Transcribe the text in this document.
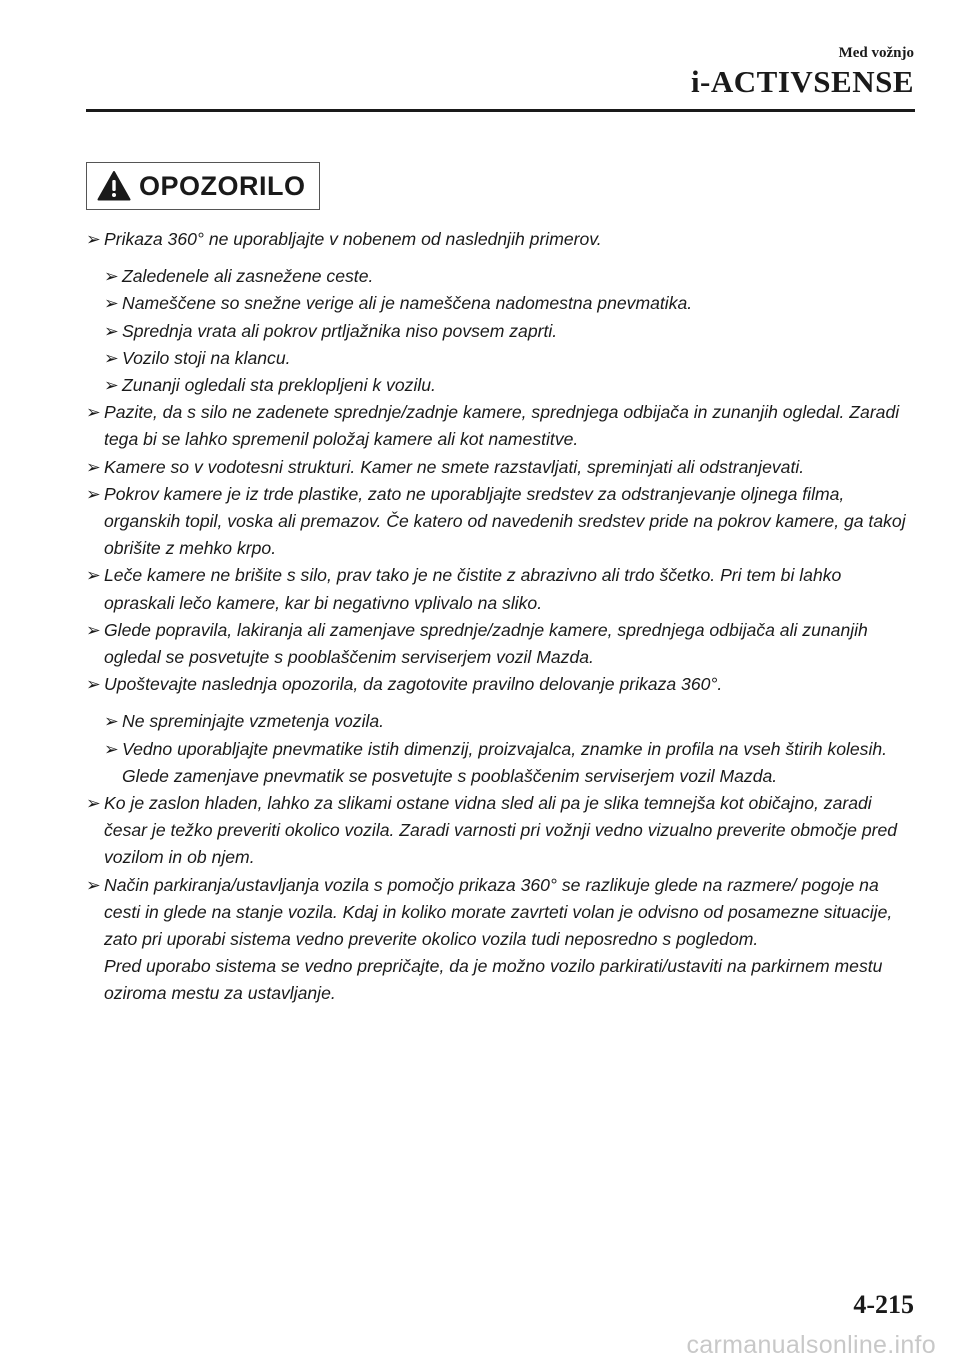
Med vožnjo
i-ACTIVSENSE
OPOZORILO
➢ Prikaza 360° ne uporabljajte v nobenem od naslednjih primerov.
➢ Zaledenele ali zasnežene ceste.
➢ Nameščene so snežne verige ali je nameščena nadomestna pnevmatika.
➢ Sprednja vrata ali pokrov prtljažnika niso povsem zaprti.
➢ Vozilo stoji na klancu.
➢ Zunanji ogledali sta preklopljeni k vozilu.
➢ Pazite, da s silo ne zadenete sprednje/zadnje kamere, sprednjega odbijača in zunanjih ogledal. Zaradi tega bi se lahko spremenil položaj kamere ali kot namestitve.
➢ Kamere so v vodotesni strukturi. Kamer ne smete razstavljati, spreminjati ali odstranjevati.
➢ Pokrov kamere je iz trde plastike, zato ne uporabljajte sredstev za odstranjevanje oljnega filma, organskih topil, voska ali premazov. Če katero od navedenih sredstev pride na pokrov kamere, ga takoj obrišite z mehko krpo.
➢ Leče kamere ne brišite s silo, prav tako je ne čistite z abrazivno ali trdo ščetko. Pri tem bi lahko opraskali lečo kamere, kar bi negativno vplivalo na sliko.
➢ Glede popravila, lakiranja ali zamenjave sprednje/zadnje kamere, sprednjega odbijača ali zunanjih ogledal se posvetujte s pooblaščenim serviserjem vozil Mazda.
➢ Upoštevajte naslednja opozorila, da zagotovite pravilno delovanje prikaza 360°.
➢ Ne spreminjajte vzmetenja vozila.
➢ Vedno uporabljajte pnevmatike istih dimenzij, proizvajalca, znamke in profila na vseh štirih kolesih. Glede zamenjave pnevmatik se posvetujte s pooblaščenim serviserjem vozil Mazda.
➢ Ko je zaslon hladen, lahko za slikami ostane vidna sled ali pa je slika temnejša kot običajno, zaradi česar je težko preveriti okolico vozila. Zaradi varnosti pri vožnji vedno vizualno preverite območje pred vozilom in ob njem.
➢ Način parkiranja/ustavljanja vozila s pomočjo prikaza 360° se razlikuje glede na razmere/ pogoje na cesti in glede na stanje vozila. Kdaj in koliko morate zavrteti volan je odvisno od posamezne situacije, zato pri uporabi sistema vedno preverite okolico vozila tudi neposredno s pogledom.
Pred uporabo sistema se vedno prepričajte, da je možno vozilo parkirati/ustaviti na parkirnem mestu oziroma mestu za ustavljanje.
4-215
carmanualsonline.info
